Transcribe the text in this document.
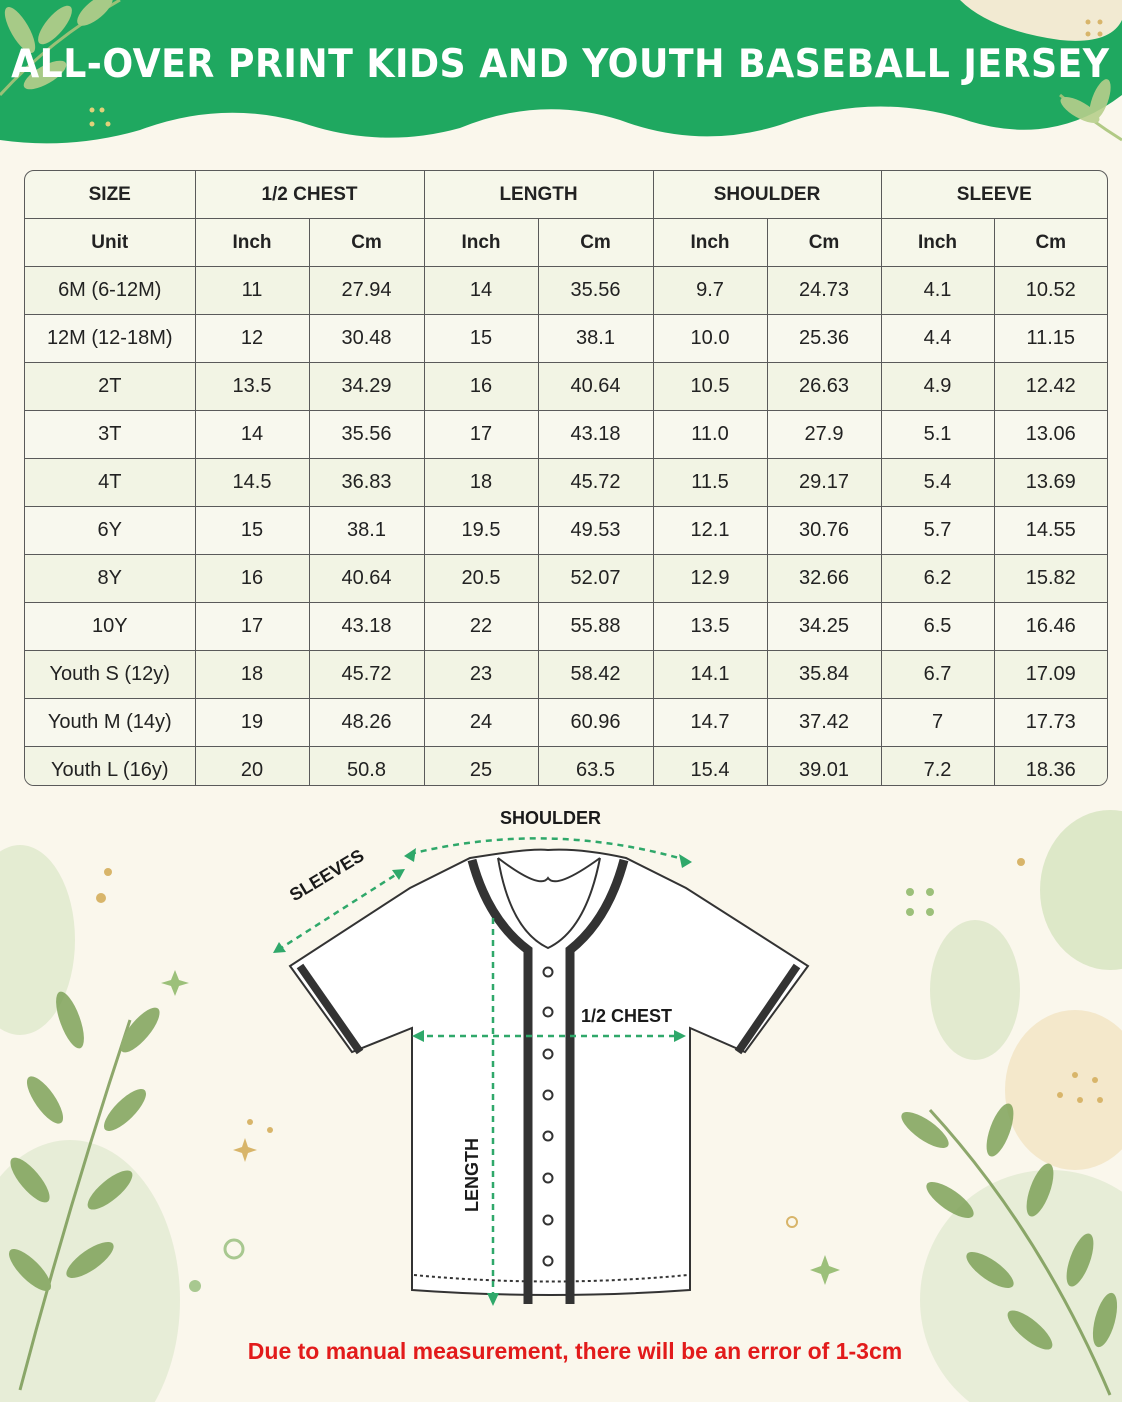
ALL-OVER PRINT KIDS AND YOUTH BASEBALL JERSEY
SIZE	1/2 CHEST		LENGTH		SHOULDER		SLEEVE	
Unit	Inch	Cm	Inch	Cm	Inch	Cm	Inch	Cm
6M (6-12M)	11	27.94	14	35.56	9.7	24.73	4.1	10.52
12M (12-18M)	12	30.48	15	38.1	10.0	25.36	4.4	11.15
2T	13.5	34.29	16	40.64	10.5	26.63	4.9	12.42
3T	14	35.56	17	43.18	11.0	27.9	5.1	13.06
4T	14.5	36.83	18	45.72	11.5	29.17	5.4	13.69
6Y	15	38.1	19.5	49.53	12.1	30.76	5.7	14.55
8Y	16	40.64	20.5	52.07	12.9	32.66	6.2	15.82
10Y	17	43.18	22	55.88	13.5	34.25	6.5	16.46
Youth S (12y)	18	45.72	23	58.42	14.1	35.84	6.7	17.09
Youth M (14y)	19	48.26	24	60.96	14.7	37.42	7	17.73
Youth L (16y)	20	50.8	25	63.5	15.4	39.01	7.2	18.36
SHOULDER
SLEEVES
1/2 CHEST
LENGTH
Due to manual measurement, there will be an error of 1-3cm
